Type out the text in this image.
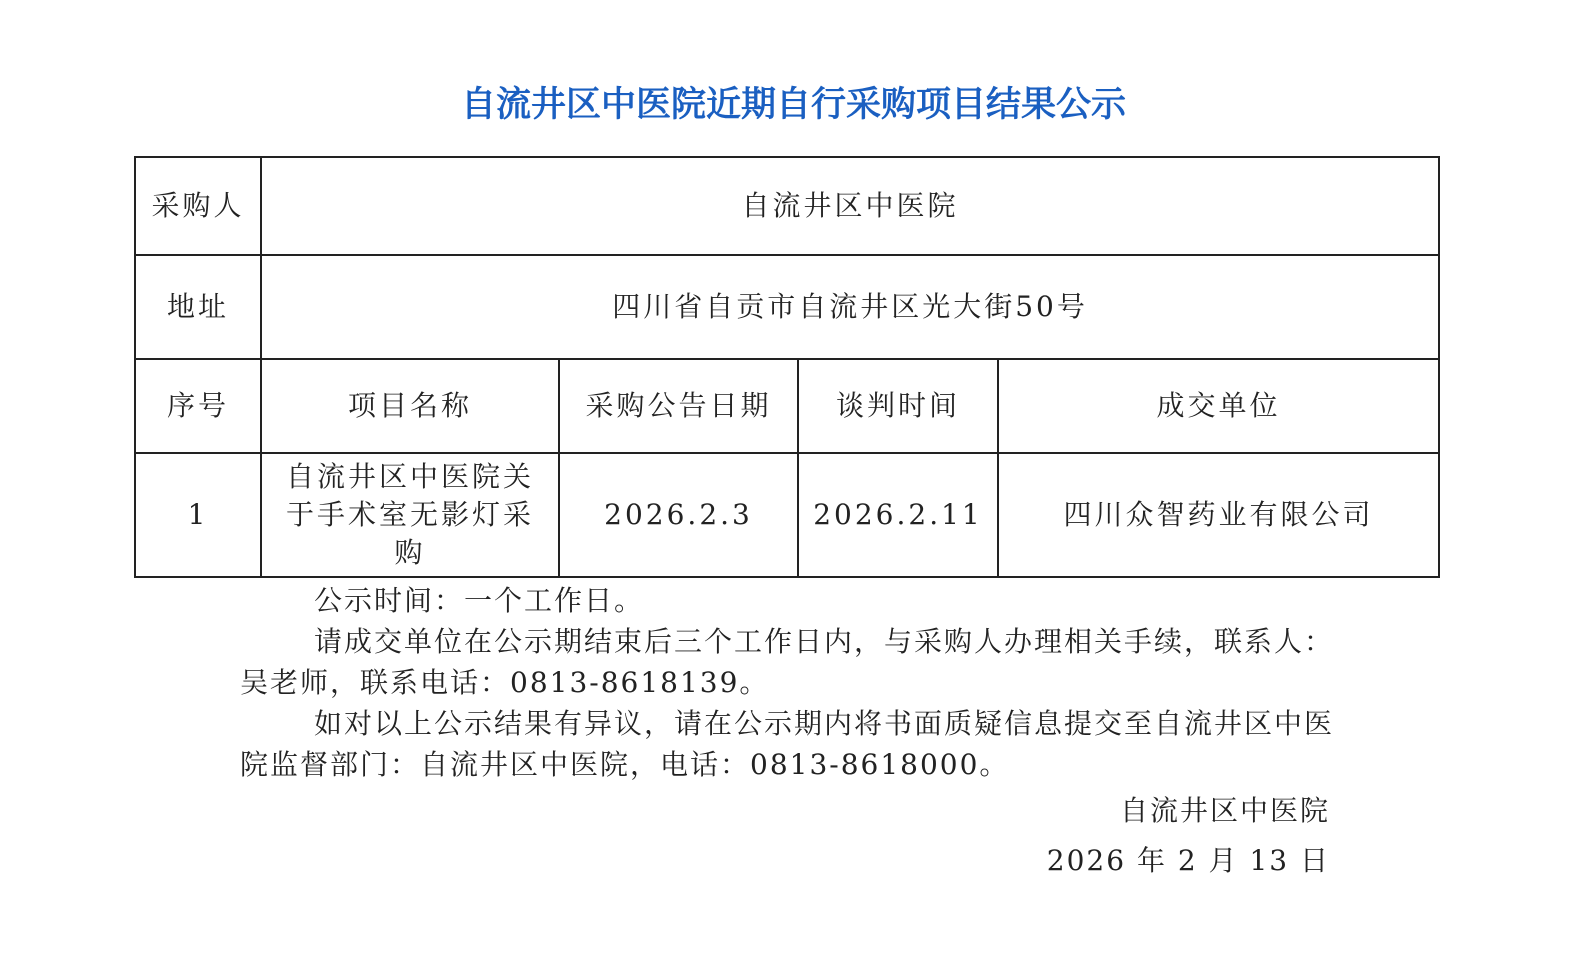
自流井区中医院近期自行采购项目结果公示
采购人	自流井区中医院			
地址	四川省自贡市自流井区光大街50号			
序号	项目名称	采购公告日期	谈判时间	成交单位
1	自流井区中医院关于手术室无影灯采购	2026.2.3	2026.2.11	四川众智药业有限公司

公示时间：一个工作日。

请成交单位在公示期结束后三个工作日内，与采购人办理相关手续，联系人：吴老师，联系电话：0813-8618139。

如对以上公示结果有异议，请在公示期内将书面质疑信息提交至自流井区中医院监督部门：自流井区中医院，电话：0813-8618000。

自流井区中医院
2026 年 2 月 13 日
